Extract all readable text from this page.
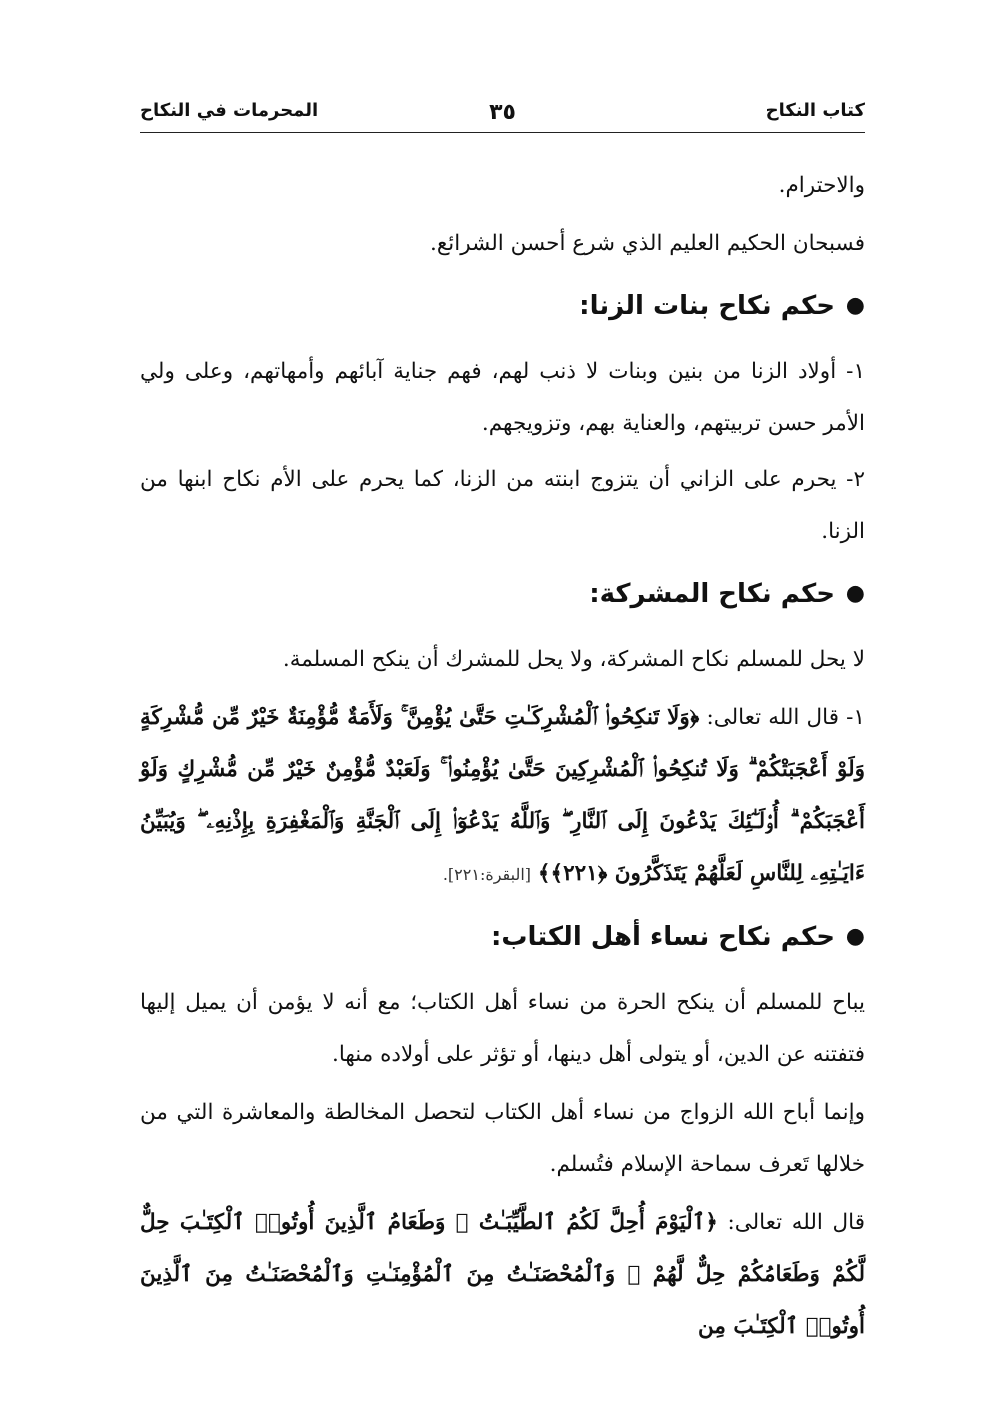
كتاب النكاح
٣٥
المحرمات في النكاح

والاحترام.

فسبحان الحكيم العليم الذي شرع أحسن الشرائع.

●
حكم نكاح بنات الزنا:

١- أولاد الزنا من بنين وبنات لا ذنب لهم، فهم جناية آبائهم وأمهاتهم، وعلى ولي الأمر حسن تربيتهم، والعناية بهم، وتزويجهم.

٢- يحرم على الزاني أن يتزوج ابنته من الزنا، كما يحرم على الأم نكاح ابنها من الزنا.

●
حكم نكاح المشركة:

لا يحل للمسلم نكاح المشركة، ولا يحل للمشرك أن ينكح المسلمة.

١- قال الله تعالى: ﴿وَلَا تَنكِحُوا۟ ٱلْمُشْرِكَـٰتِ حَتَّىٰ يُؤْمِنَّ ۚ وَلَأَمَةٌ مُّؤْمِنَةٌ خَيْرٌ مِّن مُّشْرِكَةٍ وَلَوْ أَعْجَبَتْكُمْ ۗ وَلَا تُنكِحُوا۟ ٱلْمُشْرِكِينَ حَتَّىٰ يُؤْمِنُوا۟ ۚ وَلَعَبْدٌ مُّؤْمِنٌ خَيْرٌ مِّن مُّشْرِكٍ وَلَوْ أَعْجَبَكُمْ ۗ أُو۟لَـٰٓئِكَ يَدْعُونَ إِلَى ٱلنَّارِ ۖ وَٱللَّهُ يَدْعُوٓا۟ إِلَى ٱلْجَنَّةِ وَٱلْمَغْفِرَةِ بِإِذْنِهِۦ ۖ وَيُبَيِّنُ ءَايَـٰتِهِۦ لِلنَّاسِ لَعَلَّهُمْ يَتَذَكَّرُونَ ﴿٢٢١﴾﴾ [البقرة:٢٢١].

●
حكم نكاح نساء أهل الكتاب:

يباح للمسلم أن ينكح الحرة من نساء أهل الكتاب؛ مع أنه لا يؤمن أن يميل إليها فتفتنه عن الدين، أو يتولى أهل دينها، أو تؤثر على أولاده منها.

وإنما أباح الله الزواج من نساء أهل الكتاب لتحصل المخالطة والمعاشرة التي من خلالها تَعرف سماحة الإسلام فتُسلم.

قال الله تعالى: ﴿ٱلْيَوْمَ أُحِلَّ لَكُمُ ٱلطَّيِّبَـٰتُ ۖ وَطَعَامُ ٱلَّذِينَ أُوتُوا۟ ٱلْكِتَـٰبَ حِلٌّ لَّكُمْ وَطَعَامُكُمْ حِلٌّ لَّهُمْ ۖ وَٱلْمُحْصَنَـٰتُ مِنَ ٱلْمُؤْمِنَـٰتِ وَٱلْمُحْصَنَـٰتُ مِنَ ٱلَّذِينَ أُوتُوا۟ ٱلْكِتَـٰبَ مِن
